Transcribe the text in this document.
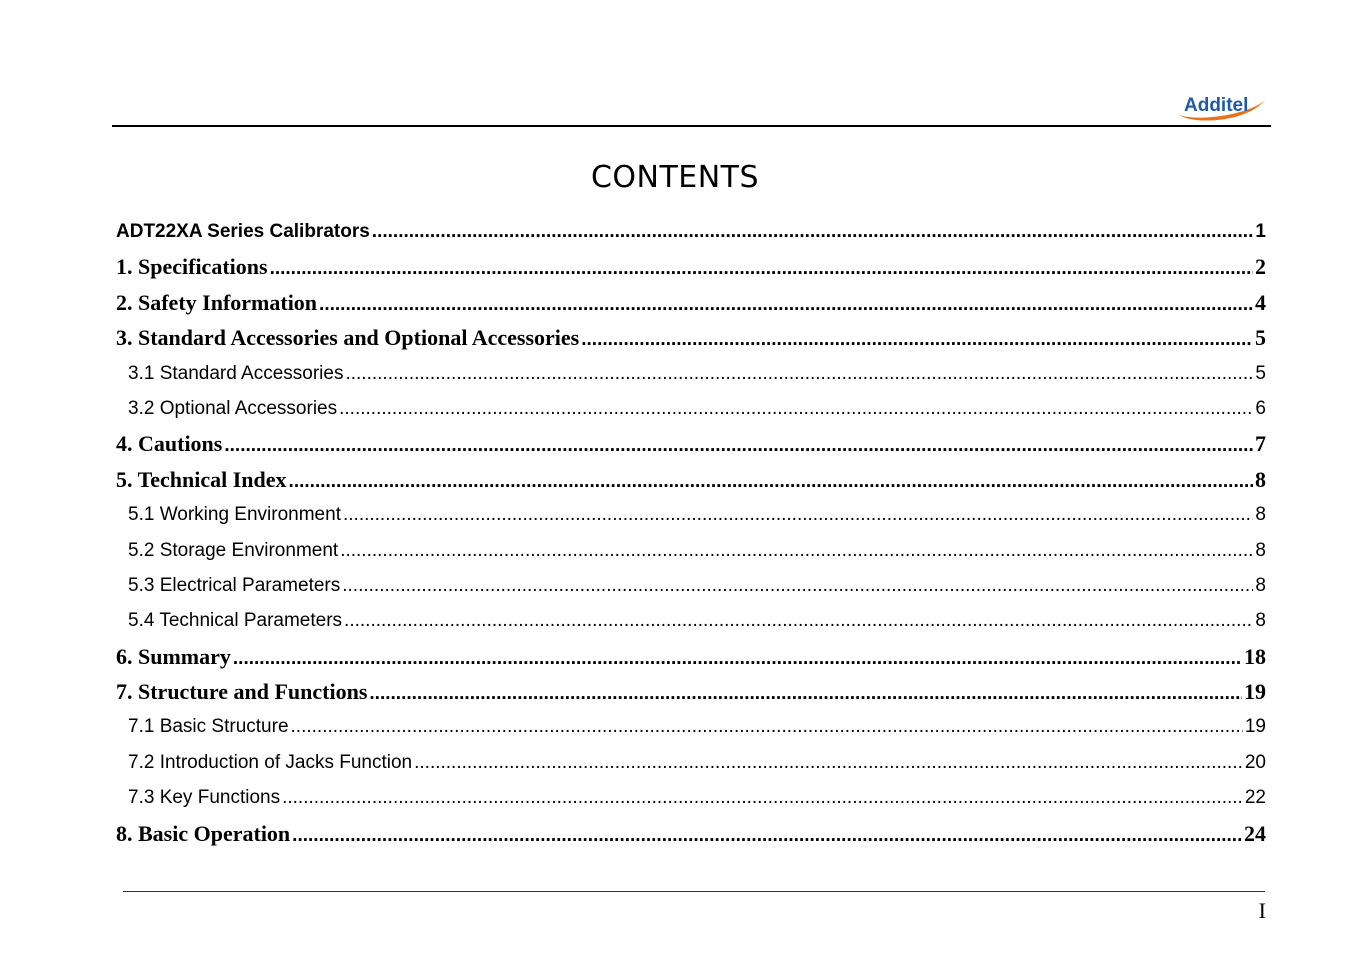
Additel
CONTENTS
ADT22XA Series Calibrators .....	1
1. Specifications .....	2
2. Safety Information .....	4
3. Standard Accessories and Optional Accessories .....	5
3.1 Standard Accessories .....	5
3.2 Optional Accessories .....	6
4. Cautions .....	7
5. Technical Index .....	8
5.1 Working Environment .....	8
5.2 Storage Environment .....	8
5.3 Electrical Parameters .....	8
5.4 Technical Parameters .....	8
6. Summary .....	18
7. Structure and Functions .....	19
7.1 Basic Structure .....	19
7.2 Introduction of Jacks Function .....	20
7.3 Key Functions .....	22
8. Basic Operation .....	24
I
